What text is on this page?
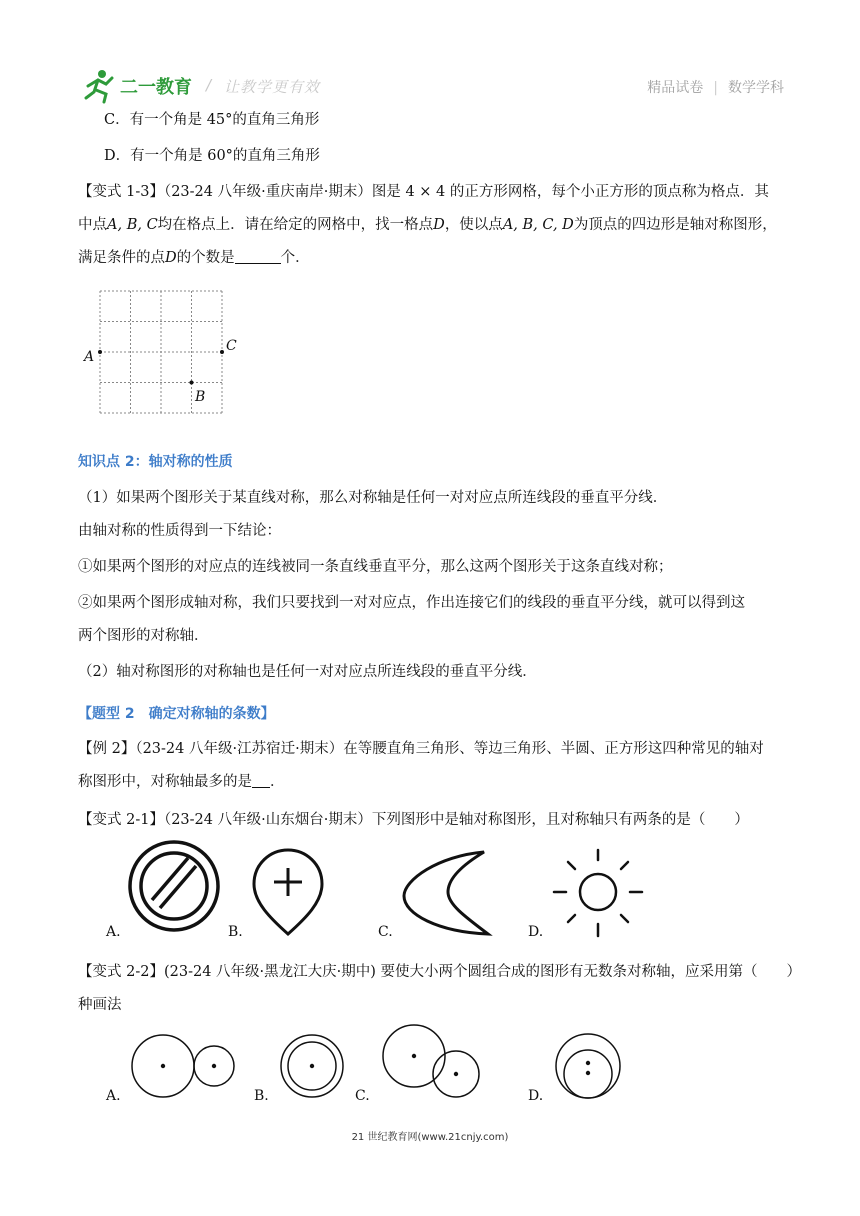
二一教育 / 让教学更有效	精品试卷 | 数学学科
C．有一个角是 45°的直角三角形
D．有一个角是 60°的直角三角形
【变式 1-3】（23-24 八年级·重庆南岸·期末）图是 4 × 4 的正方形网格，每个小正方形的顶点称为格点．其
中点A, B, C均在格点上．请在给定的网格中，找一格点D，使以点A, B, C, D为顶点的四边形是轴对称图形，
满足条件的点D的个数是	个．
A
C
B
知识点 2：轴对称的性质
（1）如果两个图形关于某直线对称，那么对称轴是任何一对对应点所连线段的垂直平分线．
由轴对称的性质得到一下结论：
①如果两个图形的对应点的连线被同一条直线垂直平分，那么这两个图形关于这条直线对称；
②如果两个图形成轴对称，我们只要找到一对对应点，作出连接它们的线段的垂直平分线，就可以得到这
两个图形的对称轴．
（2）轴对称图形的对称轴也是任何一对对应点所连线段的垂直平分线．
【题型 2　确定对称轴的条数】
【例 2】（23-24 八年级·江苏宿迁·期末）在等腰直角三角形、等边三角形、半圆、正方形这四种常见的轴对
称图形中，对称轴最多的是 ．
【变式 2-1】（23-24 八年级·山东烟台·期末）下列图形中是轴对称图形，且对称轴只有两条的是（　　）
A.	B.	C.	D.
【变式 2-2】(23-24 八年级·黑龙江大庆·期中) 要使大小两个圆组合成的图形有无数条对称轴，应采用第（　　）
种画法
A.	B.	C.	D.
21 世纪教育网(www.21cnjy.com)
